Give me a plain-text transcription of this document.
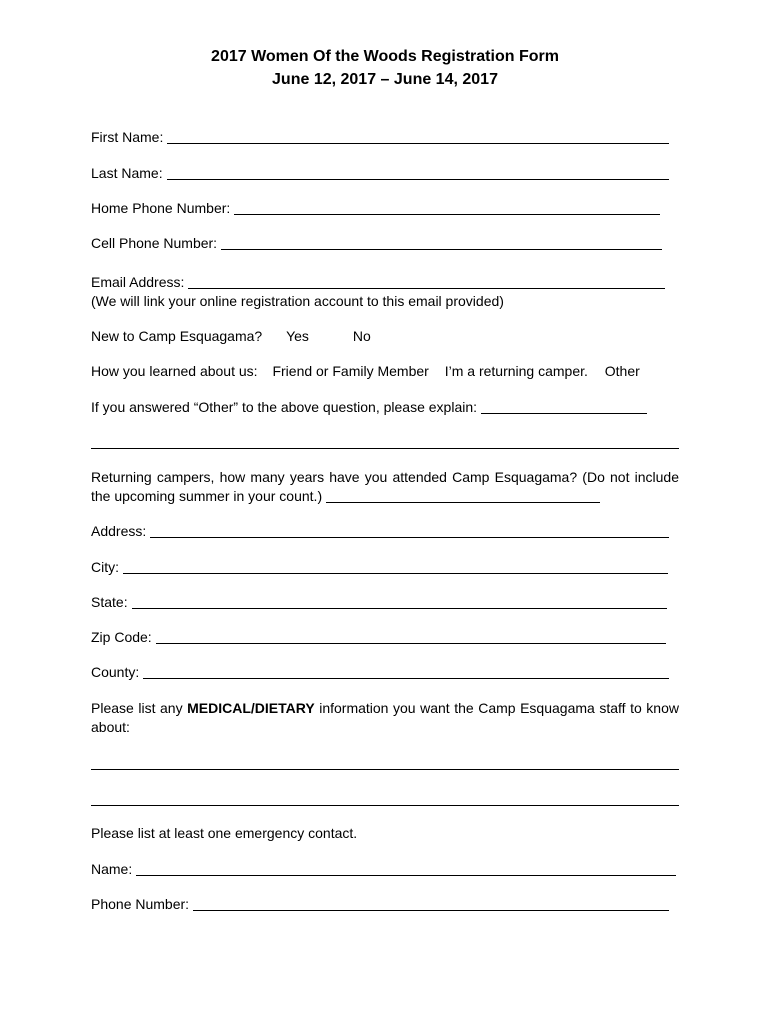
2017 Women Of the Woods Registration Form
June 12, 2017 – June 14, 2017
First Name:
Last Name:
Home Phone Number:
Cell Phone Number:
Email Address:
(We will link your online registration account to this email provided)
New to Camp Esquagama? Yes	No
How you learned about us: Friend or Family Member I’m a returning camper. Other
If you answered “Other” to the above question, please explain:
Returning campers, how many years have you attended Camp Esquagama? (Do not include the upcoming summer in your count.)
Address:
City:
State:
Zip Code:
County:
Please list any MEDICAL/DIETARY information you want the Camp Esquagama staff to know about:
Please list at least one emergency contact.
Name:
Phone Number:
